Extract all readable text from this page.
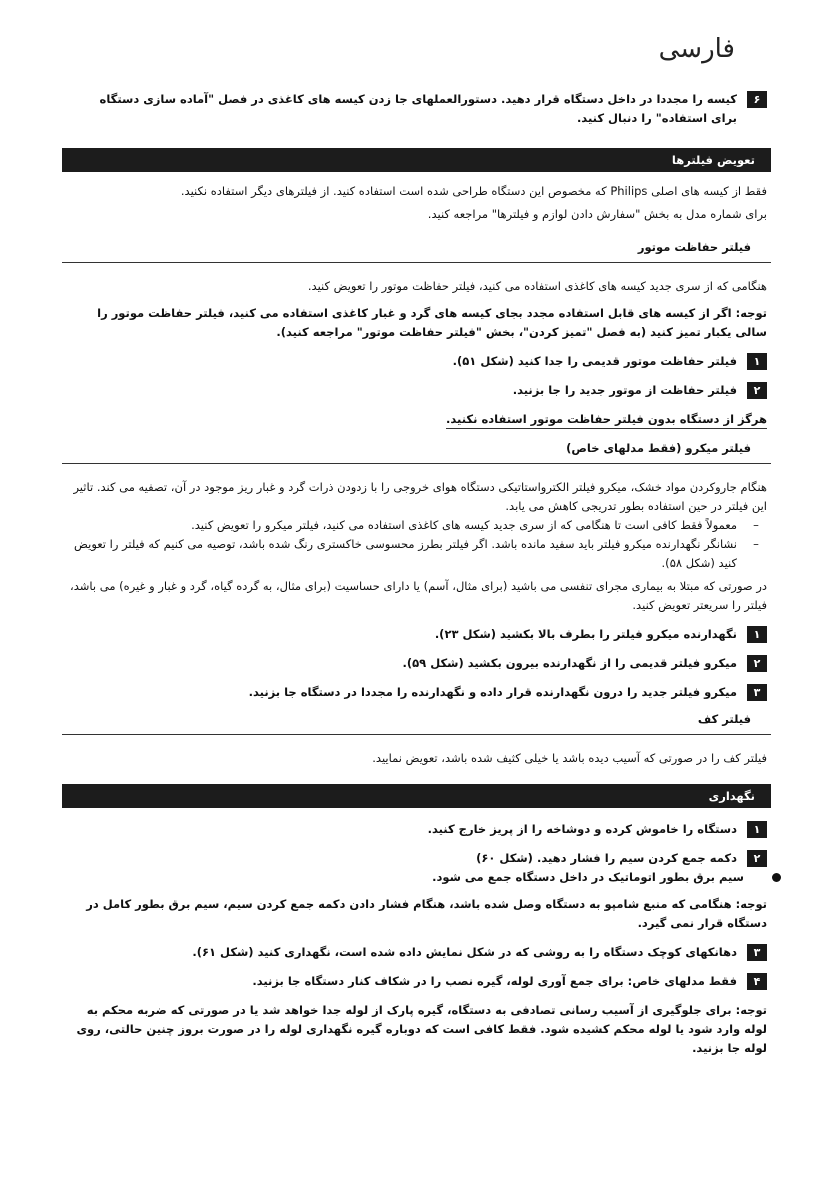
فارسی
۶

کیسه را مجددا در داخل دستگاه قرار دهید. دستورالعملهای جا زدن کیسه های کاغذی در فصل "آماده سازی دستگاه برای استفاده" را دنبال کنید.

تعویض فیلترها

فقط از کیسه های اصلی Philips که مخصوص این دستگاه طراحی شده است استفاده کنید. از فیلترهای دیگر استفاده نکنید.

برای شماره مدل به بخش "سفارش دادن لوازم و فیلترها" مراجعه کنید.

فیلتر حفاظت موتور

هنگامی که از سری جدید کیسه های کاغذی استفاده می کنید، فیلتر حفاظت موتور را تعویض کنید.

توجه: اگر از کیسه های قابل استفاده مجدد بجای کیسه های گرد و غبار کاغذی استفاده می کنید، فیلتر حفاظت موتور را سالی یکبار تمیز کنید (به فصل "تمیز کردن"، بخش "فیلتر حفاظت موتور" مراجعه کنید).

۱

فیلتر حفاظت موتور قدیمی را جدا کنید (شکل ۵۱).

۲

فیلتر حفاظت از موتور جدید را جا بزنید.

هرگز از دستگاه بدون فیلتر حفاظت موتور استفاده نکنید.
فیلتر میکرو (فقط مدلهای خاص)

هنگام جاروکردن مواد خشک، میکرو فیلتر الکترواستاتیکی دستگاه هوای خروجی را با زدودن ذرات گرد و غبار ریز موجود در آن، تصفیه می کند. تاثیر این فیلتر در حین استفاده بطور تدریجی کاهش می یابد.

–
معمولاً فقط کافی است تا هنگامی که از سری جدید کیسه های کاغذی استفاده می کنید، فیلتر میکرو را تعویض کنید.
–
نشانگر نگهدارنده میکرو فیلتر باید سفید مانده باشد. اگر فیلتر بطرز محسوسی خاکستری رنگ شده باشد، توصیه می کنیم که فیلتر را تعویض کنید (شکل ۵۸).

در صورتی که مبتلا به بیماری مجرای تنفسی می باشید (برای مثال، آسم) یا دارای حساسیت (برای مثال، به گرده گیاه، گرد و غبار و غیره) می باشد، فیلتر را سریعتر تعویض کنید.

۱

نگهدارنده میکرو فیلتر را بطرف بالا بکشید (شکل ۲۳).

۲

میکرو فیلتر قدیمی را از نگهدارنده بیرون بکشید (شکل ۵۹).

۳

میکرو فیلتر جدید را درون نگهدارنده قرار داده و نگهدارنده را مجددا در دستگاه جا بزنید.

فیلتر کف

فیلتر کف را در صورتی که آسیب دیده باشد یا خیلی کثیف شده باشد، تعویض نمایید.

نگهداری
۱

دستگاه را خاموش کرده و دوشاخه را از پریز خارج کنید.

۲

دکمه جمع کردن سیم را فشار دهید. (شکل ۶۰)

سیم برق بطور اتوماتیک در داخل دستگاه جمع می شود.

توجه: هنگامی که منبع شامپو به دستگاه وصل شده باشد، هنگام فشار دادن دکمه جمع کردن سیم، سیم برق بطور کامل در دستگاه قرار نمی گیرد.

۳

دهانکهای کوچک دستگاه را به روشی که در شکل نمایش داده شده است، نگهداری کنید (شکل ۶۱).

۴

فقط مدلهای خاص: برای جمع آوری لوله، گیره نصب را در شکاف کنار دستگاه جا بزنید.

توجه: برای جلوگیری از آسیب رسانی تصادفی به دستگاه، گیره پارک از لوله جدا خواهد شد یا در صورتی که ضربه محکم به لوله وارد شود یا لوله محکم کشیده شود. فقط کافی است که دوباره گیره نگهداری لوله را در صورت بروز چنین حالتی، روی لوله جا بزنید.
